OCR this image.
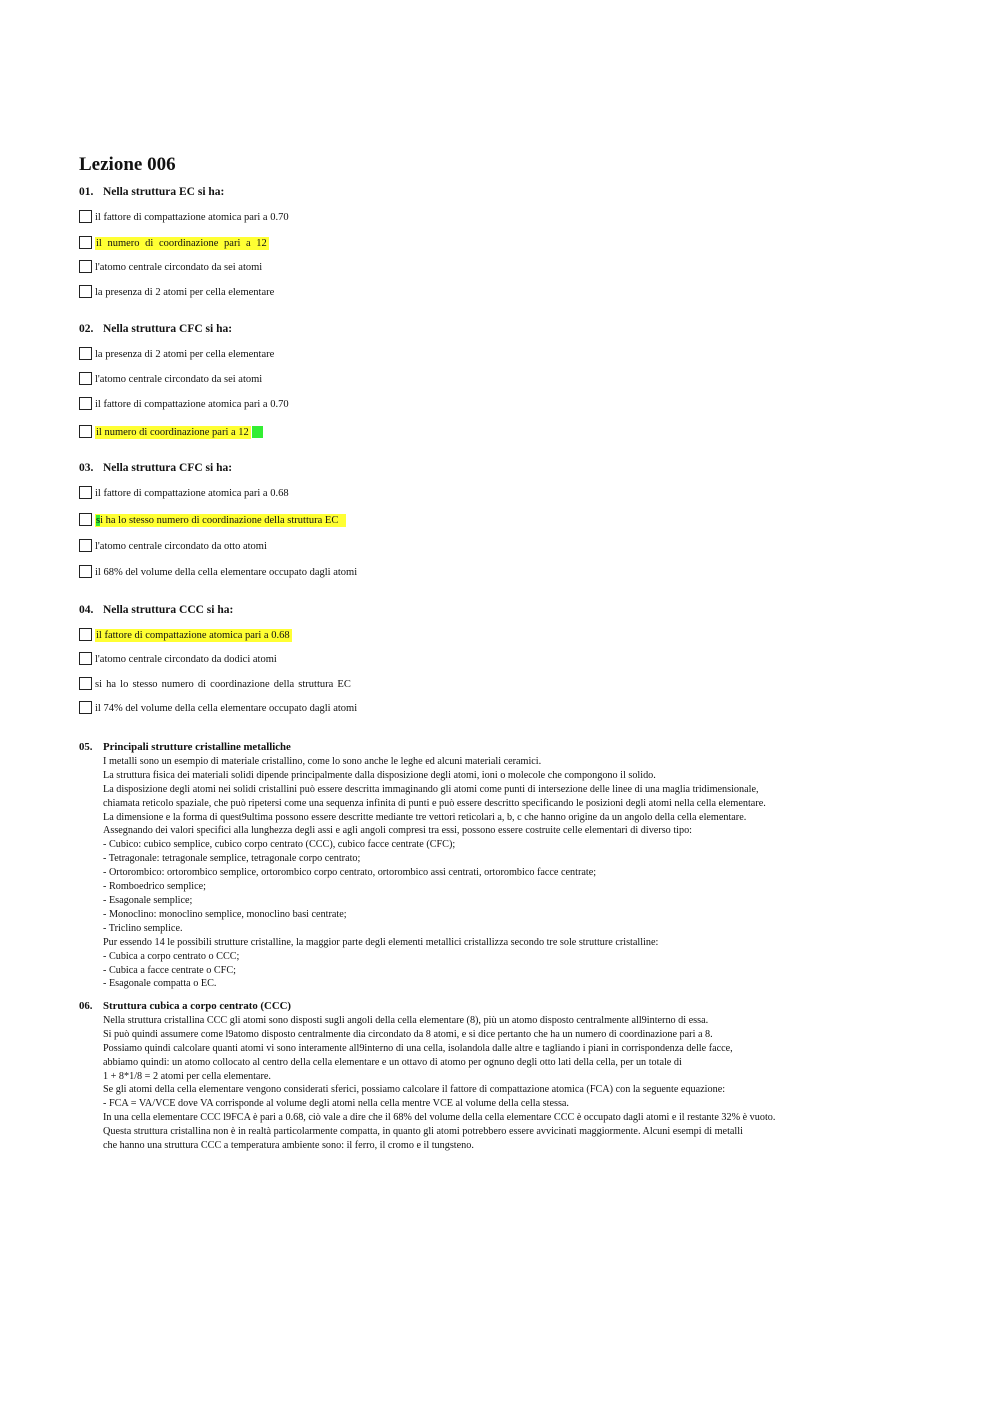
Lezione 006
01. Nella struttura EC si ha:
il fattore di compattazione atomica pari a 0.70
il numero di coordinazione pari a 12
l'atomo centrale circondato da sei atomi
la presenza di 2 atomi per cella elementare
02. Nella struttura CFC si ha:
la presenza di 2 atomi per cella elementare
l'atomo centrale circondato da sei atomi
il fattore di compattazione atomica pari a 0.70
il numero di coordinazione pari a 12
03. Nella struttura CFC si ha:
il fattore di compattazione atomica pari a 0.68
si ha lo stesso numero di coordinazione della struttura EC
l'atomo centrale circondato da otto atomi
il 68% del volume della cella elementare occupato dagli atomi
04. Nella struttura CCC si ha:
il fattore di compattazione atomica pari a 0.68
l'atomo centrale circondato da dodici atomi
si ha lo stesso numero di coordinazione della struttura EC
il 74% del volume della cella elementare occupato dagli atomi
05. Principali strutture cristalline metalliche
I metalli sono un esempio di materiale cristallino, come lo sono anche le leghe ed alcuni materiali ceramici.
La struttura fisica dei materiali solidi dipende principalmente dalla disposizione degli atomi, ioni o molecole che compongono il solido.
La disposizione degli atomi nei solidi cristallini può essere descritta immaginando gli atomi come punti di intersezione delle linee di una maglia tridimensionale,
chiamata reticolo spaziale, che può ripetersi come una sequenza infinita di punti e può essere descritto specificando le posizioni degli atomi nella cella elementare.
La dimensione e la forma di quest9ultima possono essere descritte mediante tre vettori reticolari a, b, c che hanno origine da un angolo della cella elementare.
Assegnando dei valori specifici alla lunghezza degli assi e agli angoli compresi tra essi, possono essere costruite celle elementari di diverso tipo:
- Cubico: cubico semplice, cubico corpo centrato (CCC), cubico facce centrate (CFC);
- Tetragonale: tetragonale semplice, tetragonale corpo centrato;
- Ortorombico: ortorombico semplice, ortorombico corpo centrato, ortorombico assi centrati, ortorombico facce centrate;
- Romboedrico semplice;
- Esagonale semplice;
- Monoclino: monoclino semplice, monoclino basi centrate;
- Triclino semplice.
Pur essendo 14 le possibili strutture cristalline, la maggior parte degli elementi metallici cristallizza secondo tre sole strutture cristalline:
- Cubica a corpo centrato o CCC;
- Cubica a facce centrate o CFC;
- Esagonale compatta o EC.
06. Struttura cubica a corpo centrato (CCC)
Nella struttura cristallina CCC gli atomi sono disposti sugli angoli della cella elementare (8), più un atomo disposto centralmente all9interno di essa.
Si può quindi assumere come l9atomo disposto centralmente dia circondato da 8 atomi, e si dice pertanto che ha un numero di coordinazione pari a 8.
Possiamo quindi calcolare quanti atomi vi sono interamente all9interno di una cella, isolandola dalle altre e tagliando i piani in corrispondenza delle facce,
abbiamo quindi: un atomo collocato al centro della cella elementare e un ottavo di atomo per ognuno degli otto lati della cella, per un totale di
1 + 8*1/8 = 2 atomi per cella elementare.
Se gli atomi della cella elementare vengono considerati sferici, possiamo calcolare il fattore di compattazione atomica (FCA) con la seguente equazione:
- FCA = VA/VCE dove VA corrisponde al volume degli atomi nella cella mentre VCE al volume della cella stessa.
In una cella elementare CCC l9FCA è pari a 0.68, ciò vale a dire che il 68% del volume della cella elementare CCC è occupato dagli atomi e il restante 32% è vuoto.
Questa struttura cristallina non è in realtà particolarmente compatta, in quanto gli atomi potrebbero essere avvicinati maggiormente. Alcuni esempi di metalli
che hanno una struttura CCC a temperatura ambiente sono: il ferro, il cromo e il tungsteno.
